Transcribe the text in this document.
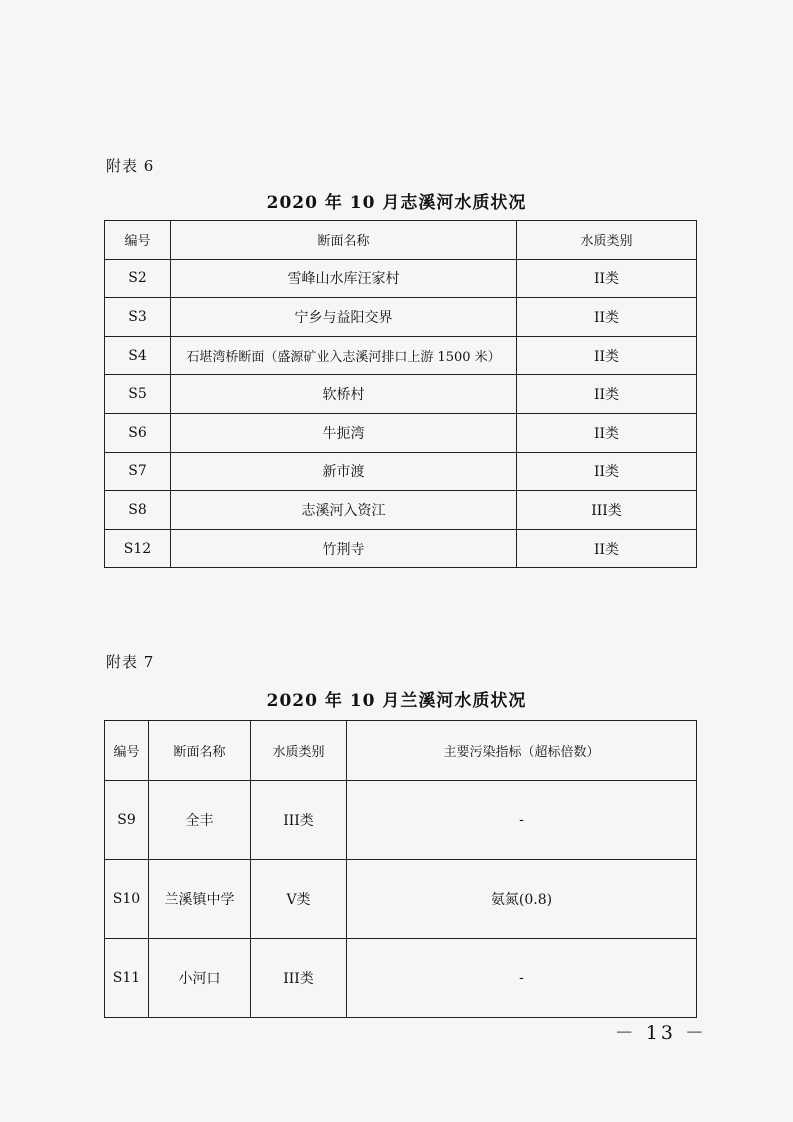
附表 6
2020 年 10 月志溪河水质状况
编号	断面名称	水质类别
S2	雪峰山水库汪家村	II类
S3	宁乡与益阳交界	II类
S4	石堪湾桥断面（盛源矿业入志溪河排口上游 1500 米）	II类
S5	软桥村	II类
S6	牛扼湾	II类
S7	新市渡	II类
S8	志溪河入资江	III类
S12	竹荆寺	II类
附表 7
2020 年 10 月兰溪河水质状况
编号	断面名称	水质类别	主要污染指标（超标倍数）
S9	全丰	III类	-
S10	兰溪镇中学	V类	氨氮(0.8)
S11	小河口	III类	-
－ 13 －
